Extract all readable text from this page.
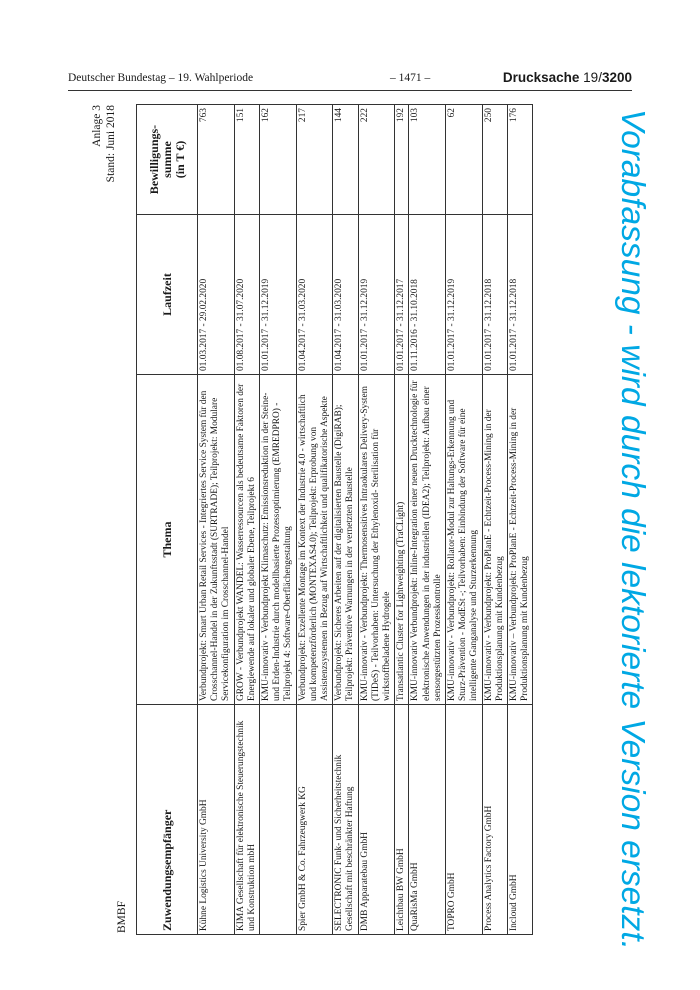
Deutscher Bundestag – 19. Wahlperiode	– 1471 –	Drucksache 19/3200
BMBF
Anlage 3 Stand: Juni 2018
Zuwendungsempfänger	Thema	Laufzeit	Bewilligungs- summe (in T €)

Kühne Logistics University GmbH	Verbundprojekt: Smart Urban Retail Services - Integriertes Service System für den Crosschannel-Handel in der Zukunftsstadt (SURTRADE); Teilprojekt: Modulare Servicekonfiguration im Crosschannel-Handel	01.03.2017 - 29.02.2020	763
KIMA Gesellschaft für elektronische Steuerungstechnik und Konstruktion mbH	GROW - Verbundprojekt WANDEL: Wasserressourcen als bedeutsame Faktoren der Energiewende auf lokaler und globaler Ebene, Teilprojekt 6	01.08.2017 - 31.07.2020	151
	KMU-innovativ - Verbundprojekt Klimaschutz: Emissionsreduktion in der Steine- und Erden-Industrie durch modellbasierte Prozessoptimierung (EMREDPRO) - Teilprojekt 4: Software-Oberflächengestaltung	01.01.2017 - 31.12.2019	162
Spier GmbH & Co. Fahrzeugwerk KG	Verbundprojekt: Exzellente Montage im Kontext der Industrie 4.0 - wirtschaftlich und kompetenzförderlich (MONTEXAS4.0); Teilprojekt: Erprobung von Assistenzsystemen in Bezug auf Wirtschaftlichkeit und qualifikatorische Aspekte	01.04.2017 - 31.03.2020	217
SELECTRONIC Funk- und Sicherheitstechnik Gesellschaft mit beschränkter Haftung	Verbundprojekt: Sicheres Arbeiten auf der digitalisierten Baustelle (DigiRAB); Teilprojekt: Präventive Warnungen in der vernetzten Baustelle	01.04.2017 - 31.03.2020	144
DMB Apparatebau GmbH	KMU-innovativ - Verbundprojekt: Thermosensitives Intraokulares Delivery-System (TIDeS) - Teilvorhaben: Untersuchung der Ethylenoxid- Sterilisation für wirkstoffbeladene Hydrogele	01.01.2017 - 31.12.2019	222
Leichtbau BW GmbH	Transatlantic Cluster for Lightweighting (TraCLight)	01.01.2017 - 31.12.2017	192
QuaRisMa GmbH	KMU-innovativ Verbundprojekt: Inline-Integration einer neuen Drucktechnologie für elektronische Anwendungen in der industriellen (IDEA2); Teilprojekt: Aufbau einer sensorgestützten Prozesskontrolle	01.11.2016 - 31.10.2018	103
TOPRO GmbH	KMU-innovativ - Verbundprojekt: Rollator-Modul zur Haltungs-Erkennung und Sturz-Prävention - ModESt -; Teilvorhaben: Einbindung der Software für eine intelligente Ganganalyse und Sturzerkennung	01.01.2017 - 31.12.2019	62
Process Analytics Factory GmbH	KMU-innovativ - Verbundprojekt: ProPlanE - Echtzeit-Process-Mining in der Produktionsplanung mit Kundenbezug	01.01.2017 - 31.12.2018	250
Incloud GmbH	KMU-innovativ – Verbundprojekt: ProPlanE - Echtzeit-Process-Mining in der Produktionsplanung mit Kundenbezug	01.01.2017 - 31.12.2018	176	Vorabfassung - wird durch die lektorierte Version ersetzt.
